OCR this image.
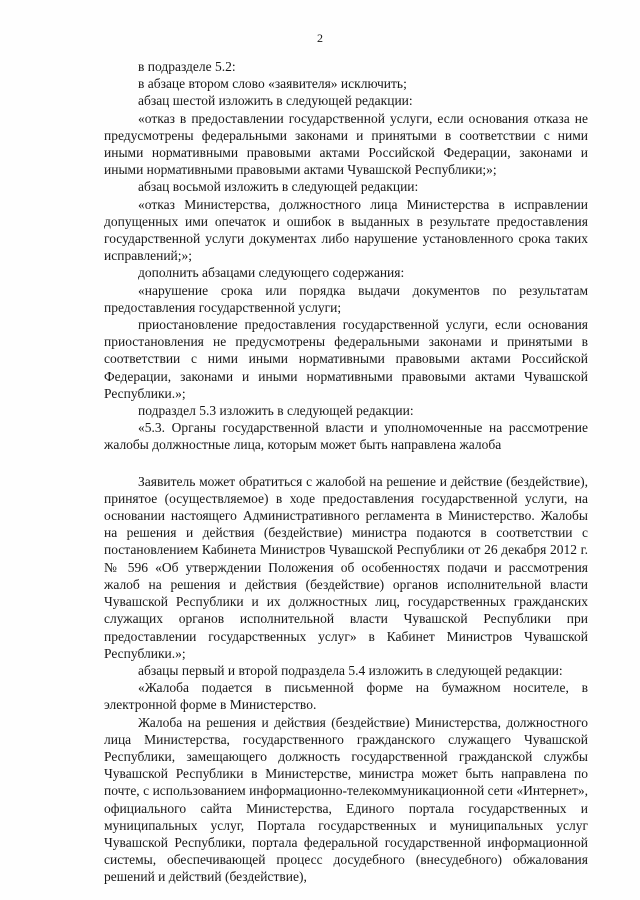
2

в подразделе 5.2:

в абзаце втором слово «заявителя» исключить;

абзац шестой изложить в следующей редакции:

«отказ в предоставлении государственной услуги, если основания отказа не предусмотрены федеральными законами и принятыми в соответствии с ними иными нормативными правовыми актами Российской Федерации, законами и иными нормативными правовыми актами Чувашской Республики;»;

абзац восьмой изложить в следующей редакции:

«отказ Министерства, должностного лица Министерства в исправлении допущенных ими опечаток и ошибок в выданных в результате предоставления государственной услуги документах либо нарушение установленного срока таких исправлений;»;

дополнить абзацами следующего содержания:

«нарушение срока или порядка выдачи документов по результатам предоставления государственной услуги;

приостановление предоставления государственной услуги, если основания приостановления не предусмотрены федеральными законами и принятыми в соответствии с ними иными нормативными правовыми актами Российской Федерации, законами и иными нормативными правовыми актами Чувашской Республики.»;

подраздел 5.3 изложить в следующей редакции:

«5.3. Органы государственной власти и уполномоченные на рассмотрение жалобы должностные лица, которым может быть направлена жалоба

Заявитель может обратиться с жалобой на решение и действие (бездействие), принятое (осуществляемое) в ходе предоставления государственной услуги, на основании настоящего Административного регламента в Министерство. Жалобы на решения и действия (бездействие) министра подаются в соответствии с постановлением Кабинета Министров Чувашской Республики от 26 декабря 2012 г. № 596 «Об утверждении Положения об особенностях подачи и рассмотрения жалоб на решения и действия (бездействие) органов исполнительной власти Чувашской Республики и их должностных лиц, государственных гражданских служащих органов исполнительной власти Чувашской Республики при предоставлении государственных услуг» в Кабинет Министров Чувашской Республики.»;

абзацы первый и второй подраздела 5.4 изложить в следующей редакции:

«Жалоба подается в письменной форме на бумажном носителе, в электронной форме в Министерство.

Жалоба на решения и действия (бездействие) Министерства, должностного лица Министерства, государственного гражданского служащего Чувашской Республики, замещающего должность государственной гражданской службы Чувашской Республики в Министерстве, министра может быть направлена по почте, с использованием информационно-телекоммуникационной сети «Интернет», официального сайта Министерства, Единого портала государственных и муниципальных услуг, Портала государственных и муниципальных услуг Чувашской Республики, портала федеральной государственной информационной системы, обеспечивающей процесс досудебного (внесудебного) обжалования решений и действий (бездействие),
